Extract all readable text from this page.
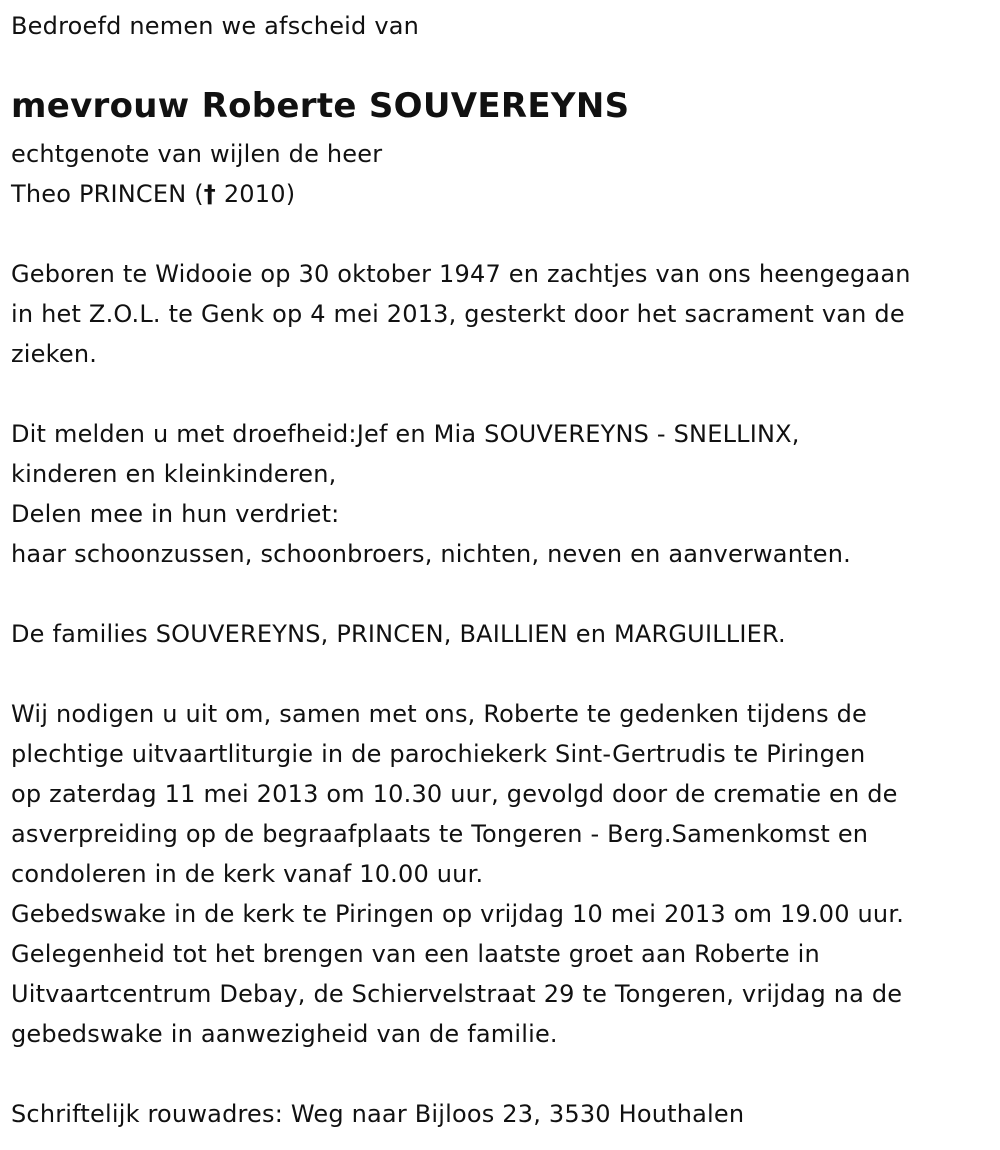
Bedroefd nemen we afscheid van
mevrouw Roberte SOUVEREYNS
echtgenote van wijlen de heer
Theo PRINCEN († 2010)
Geboren te Widooie op 30 oktober 1947 en zachtjes van ons heengegaan
in het Z.O.L. te Genk op 4 mei 2013, gesterkt door het sacrament van de
zieken.
Dit melden u met droefheid:Jef en Mia SOUVEREYNS - SNELLINX,
kinderen en kleinkinderen,
Delen mee in hun verdriet:
haar schoonzussen, schoonbroers, nichten, neven en aanverwanten.
De families SOUVEREYNS, PRINCEN, BAILLIEN en MARGUILLIER.
Wij nodigen u uit om, samen met ons, Roberte te gedenken tijdens de
plechtige uitvaartliturgie in de parochiekerk Sint-Gertrudis te Piringen
op zaterdag 11 mei 2013 om 10.30 uur, gevolgd door de crematie en de
asverpreiding op de begraafplaats te Tongeren - Berg.Samenkomst en
condoleren in de kerk vanaf 10.00 uur.
Gebedswake in de kerk te Piringen op vrijdag 10 mei 2013 om 19.00 uur.
Gelegenheid tot het brengen van een laatste groet aan Roberte in
Uitvaartcentrum Debay, de Schiervelstraat 29 te Tongeren, vrijdag na de
gebedswake in aanwezigheid van de familie.
Schriftelijk rouwadres: Weg naar Bijloos 23, 3530 Houthalen
